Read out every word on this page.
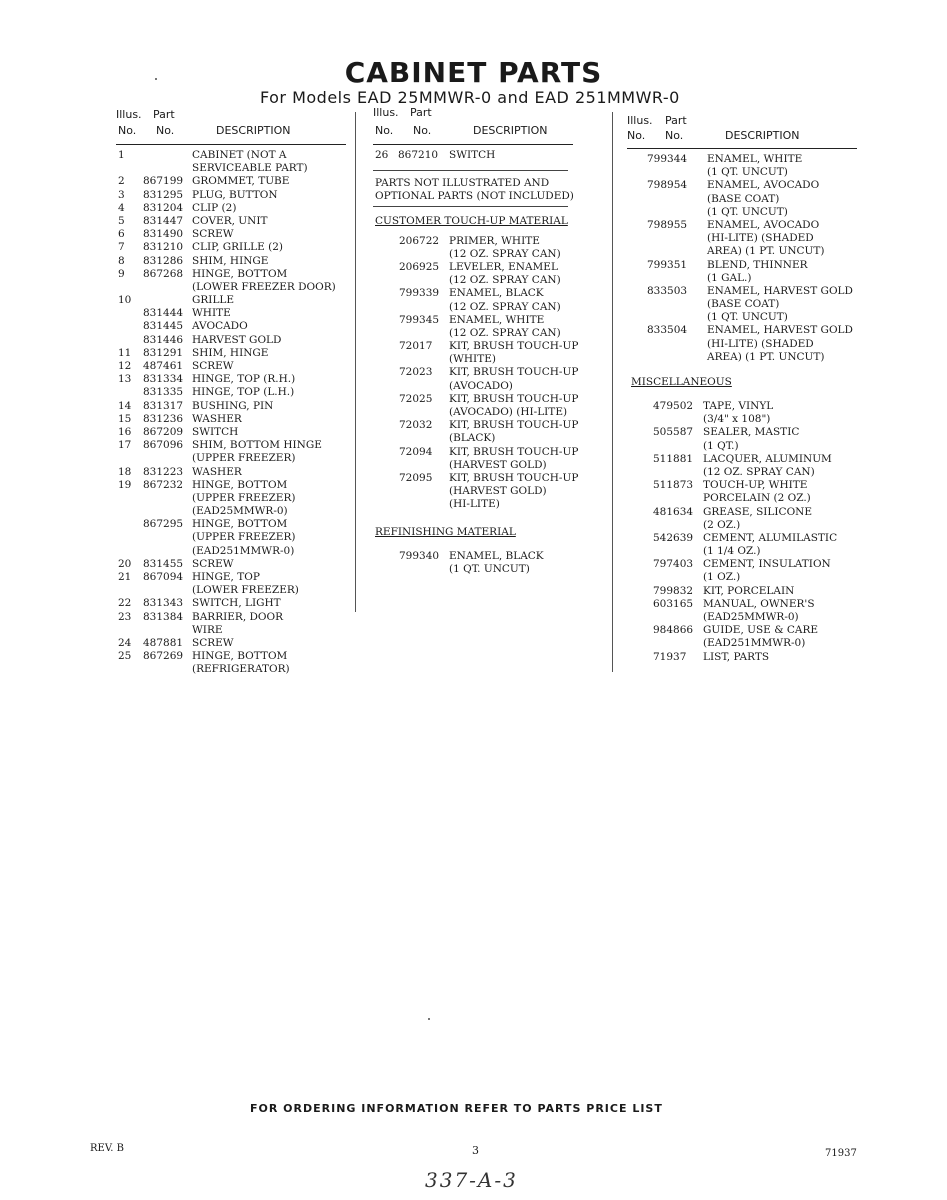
CABINET PARTS
For Models EAD 25MMWR-0 and EAD 251MMWR-0
Illus. Part
No. No.	DESCRIPTION
1	CABINET (NOT A
SERVICEABLE PART)
2 867199 GROMMET, TUBE
3 831295 PLUG, BUTTON
4 831204 CLIP (2)
5 831447 COVER, UNIT
6 831490 SCREW
7 831210 CLIP, GRILLE (2)
8 831286 SHIM, HINGE
9 867268 HINGE, BOTTOM
(LOWER FREEZER DOOR)
10	GRILLE
831444 WHITE
831445 AVOCADO
831446 HARVEST GOLD
11 831291 SHIM, HINGE
12 487461 SCREW
13 831334 HINGE, TOP (R.H.)
831335 HINGE, TOP (L.H.)
14 831317 BUSHING, PIN
15 831236 WASHER
16 867209 SWITCH
17 867096 SHIM, BOTTOM HINGE
(UPPER FREEZER)
18 831223 WASHER
19 867232 HINGE, BOTTOM
(UPPER FREEZER)
(EAD25MMWR-0)
867295 HINGE, BOTTOM
(UPPER FREEZER)
(EAD251MMWR-0)
20 831455 SCREW
21 867094 HINGE, TOP
(LOWER FREEZER)
22 831343 SWITCH, LIGHT
23 831384 BARRIER, DOOR
WIRE
24 487881 SCREW
25 867269 HINGE, BOTTOM
(REFRIGERATOR)
Illus. Part
No. No.	DESCRIPTION
26 867210 SWITCH
PARTS NOT ILLUSTRATED AND
OPTIONAL PARTS (NOT INCLUDED)
CUSTOMER TOUCH-UP MATERIAL
206722 PRIMER, WHITE
(12 OZ. SPRAY CAN)
206925 LEVELER, ENAMEL
(12 OZ. SPRAY CAN)
799339 ENAMEL, BLACK
(12 OZ. SPRAY CAN)
799345 ENAMEL, WHITE
(12 OZ. SPRAY CAN)
72017 KIT, BRUSH TOUCH-UP
(WHITE)
72023 KIT, BRUSH TOUCH-UP
(AVOCADO)
72025 KIT, BRUSH TOUCH-UP
(AVOCADO) (HI-LITE)
72032 KIT, BRUSH TOUCH-UP
(BLACK)
72094 KIT, BRUSH TOUCH-UP
(HARVEST GOLD)
72095 KIT, BRUSH TOUCH-UP
(HARVEST GOLD)
(HI-LITE)
REFINISHING MATERIAL
799340 ENAMEL, BLACK
(1 QT. UNCUT)
Illus. Part
No. No.	DESCRIPTION
799344 ENAMEL, WHITE
(1 QT. UNCUT)
798954 ENAMEL, AVOCADO
(BASE COAT)
(1 QT. UNCUT)
798955 ENAMEL, AVOCADO
(HI-LITE) (SHADED
AREA) (1 PT. UNCUT)
799351 BLEND, THINNER
(1 GAL.)
833503 ENAMEL, HARVEST GOLD
(BASE COAT)
(1 QT. UNCUT)
833504 ENAMEL, HARVEST GOLD
(HI-LITE) (SHADED
AREA) (1 PT. UNCUT)
MISCELLANEOUS
479502 TAPE, VINYL
(3/4" x 108")
505587 SEALER, MASTIC
(1 QT.)
511881 LACQUER, ALUMINUM
(12 OZ. SPRAY CAN)
511873 TOUCH-UP, WHITE
PORCELAIN (2 OZ.)
481634 GREASE, SILICONE
(2 OZ.)
542639 CEMENT, ALUMILASTIC
(1 1/4 OZ.)
797403 CEMENT, INSULATION
(1 OZ.)
799832 KIT, PORCELAIN
603165 MANUAL, OWNER'S
(EAD25MMWR-0)
984866 GUIDE, USE & CARE
(EAD251MMWR-0)
71937 LIST, PARTS
FOR ORDERING INFORMATION REFER TO PARTS PRICE LIST
REV. B	3	71937
337-A-3
